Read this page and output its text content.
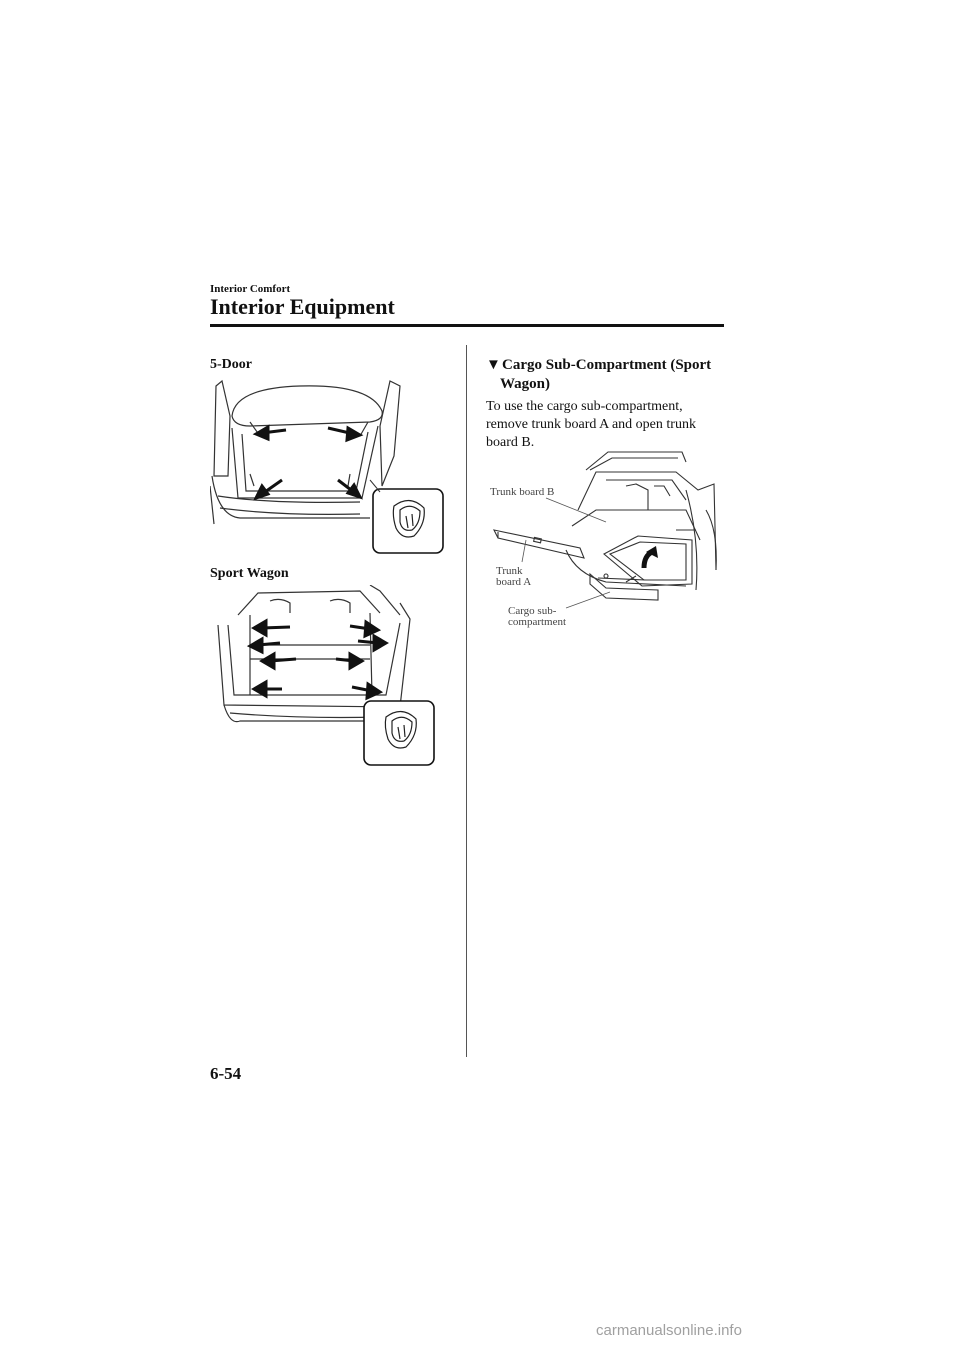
Interior Comfort
Interior Equipment
5-Door
Sport Wagon
▼Cargo Sub-Compartment (Sport
Wagon)
To use the cargo sub-compartment, remove trunk board A and open trunk board B.
Trunk board B
Trunk
board A
Cargo sub-
compartment
6-54
carmanualsonline.info
